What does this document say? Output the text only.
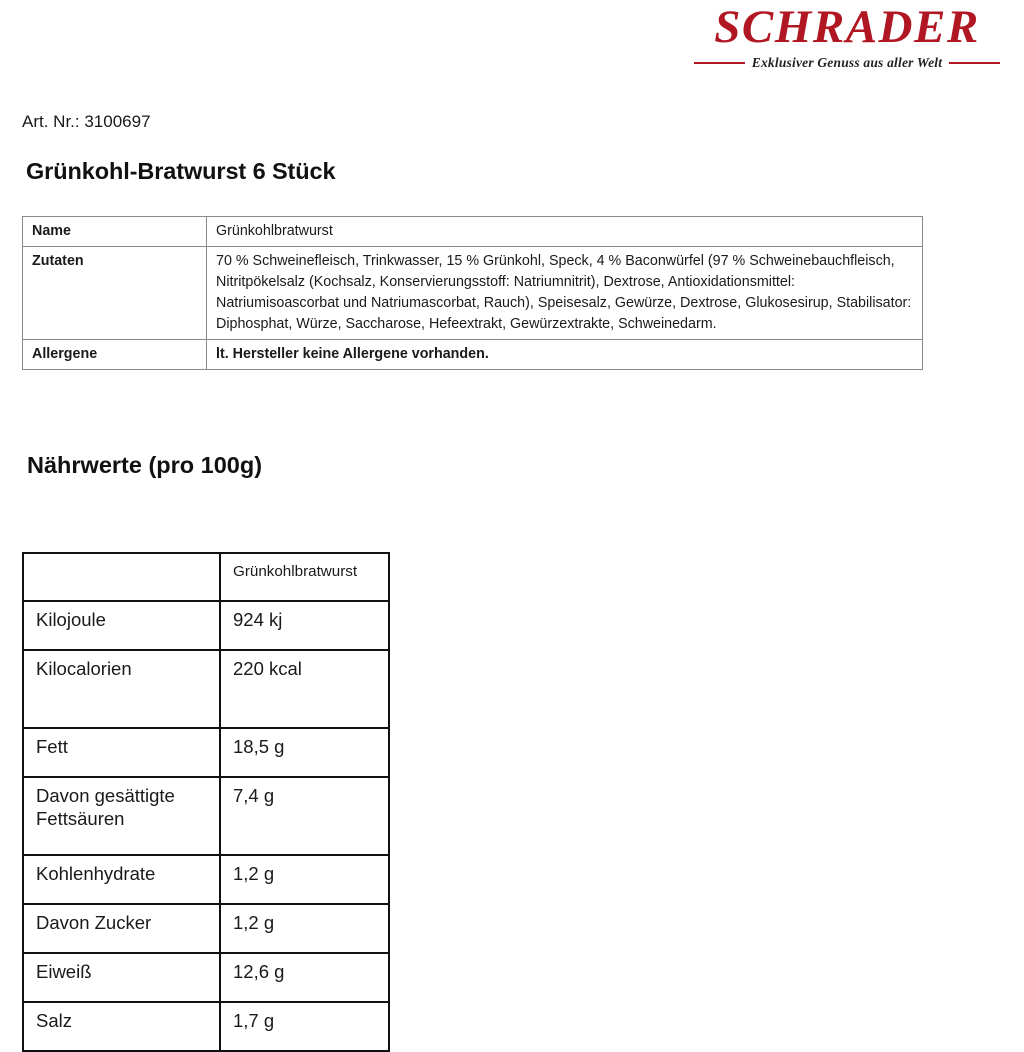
SCHRADER
Exklusiver Genuss aus aller Welt
Art. Nr.: 3100697
Grünkohl-Bratwurst 6 Stück
Name	Grünkohlbratwurst
Zutaten	70 % Schweinefleisch, Trinkwasser, 15 % Grünkohl, Speck, 4 % Baconwürfel (97 % Schweinebauchfleisch, Nitritpökelsalz (Kochsalz, Konservierungsstoff: Natriumnitrit), Dextrose, Antioxidationsmittel: Natriumisoascorbat und Natriumascorbat, Rauch), Speisesalz, Gewürze, Dextrose, Glukosesirup, Stabilisator: Diphosphat, Würze, Saccharose, Hefeextrakt, Gewürzextrakte, Schweinedarm.
Allergene	lt. Hersteller keine Allergene vorhanden.
Nährwerte (pro 100g)
	Grünkohlbratwurst
Kilojoule	924 kj
Kilocalorien	220 kcal
Fett	18,5 g

Davon gesättigte
Fettsäuren	7,4 g
Kohlenhydrate	1,2 g
Davon Zucker	1,2 g
Eiweiß	12,6 g
Salz	1,7 g
